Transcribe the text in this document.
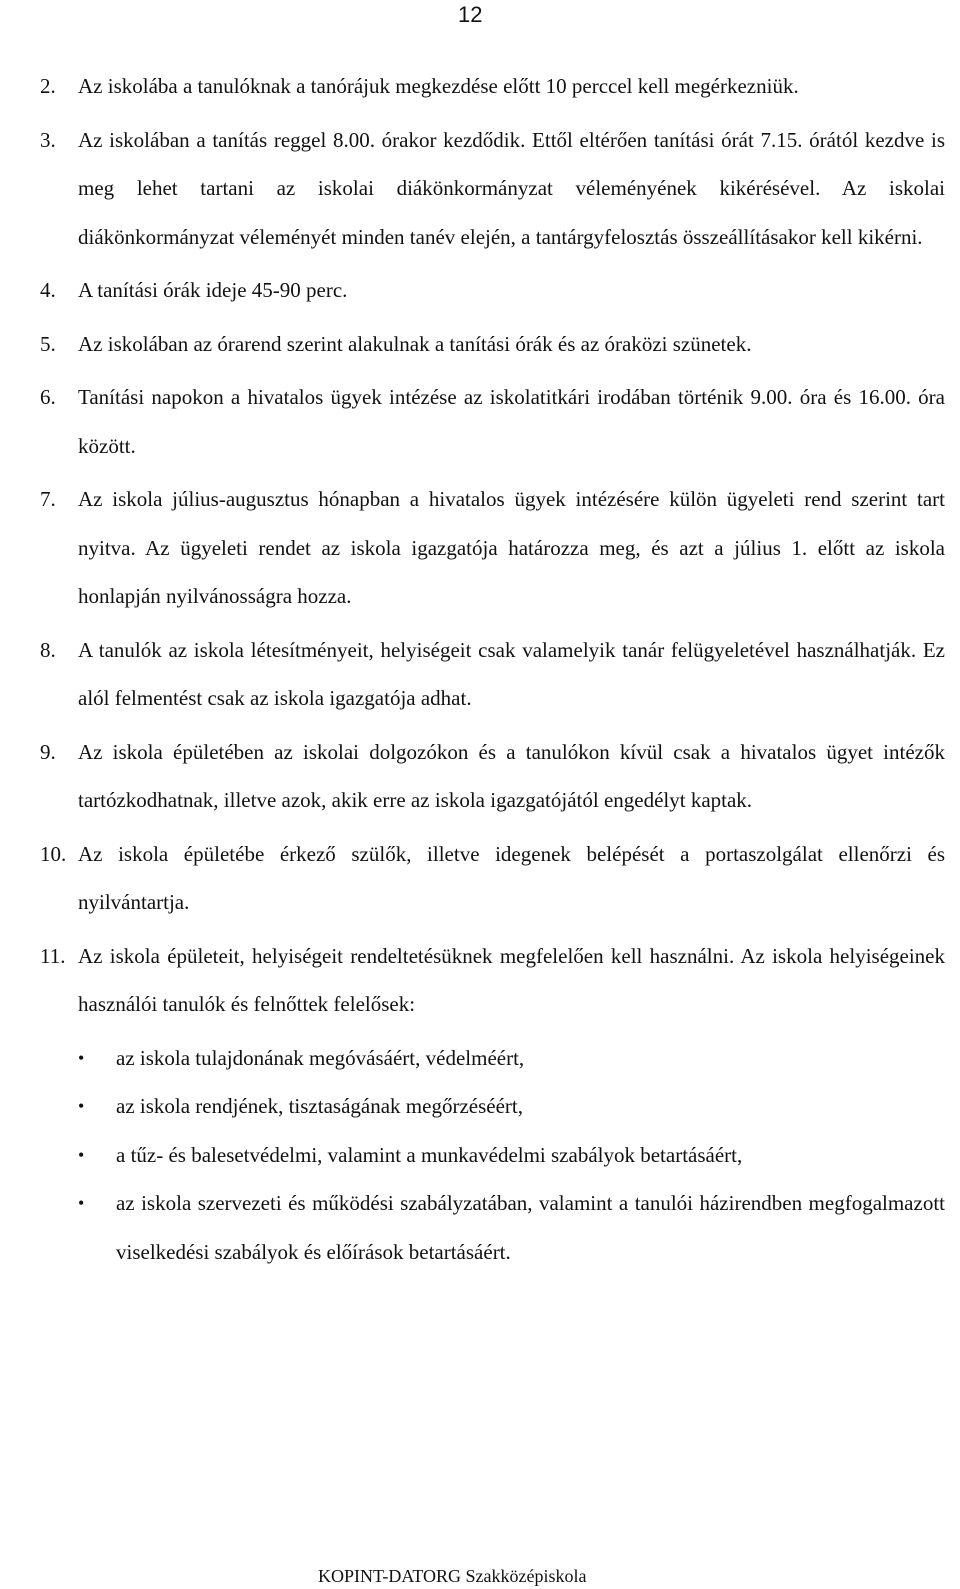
12
2.	Az iskolába a tanulóknak a tanórájuk megkezdése előtt 10 perccel kell megérkezniük.
3.	Az iskolában a tanítás reggel 8.00. órakor kezdődik. Ettől eltérően tanítási órát 7.15. órától kezdve is meg lehet tartani az iskolai diákönkormányzat véleményének kikérésével. Az iskolai diákönkormányzat véleményét minden tanév elején, a tantárgyfelosztás összeállításakor kell kikérni.
4.	A tanítási órák ideje 45-90 perc.
5.	Az iskolában az órarend szerint alakulnak a tanítási órák és az óraközi szünetek.
6.	Tanítási napokon a hivatalos ügyek intézése az iskolatitkári irodában történik 9.00. óra és 16.00. óra között.
7.	Az iskola július-augusztus hónapban a hivatalos ügyek intézésére külön ügyeleti rend szerint tart nyitva. Az ügyeleti rendet az iskola igazgatója határozza meg, és azt a július 1. előtt az iskola honlapján nyilvánosságra hozza.
8.	A tanulók az iskola létesítményeit, helyiségeit csak valamelyik tanár felügyeletével használhatják. Ez alól felmentést csak az iskola igazgatója adhat.
9.	Az iskola épületében az iskolai dolgozókon és a tanulókon kívül csak a hivatalos ügyet intézők tartózkodhatnak, illetve azok, akik erre az iskola igazgatójától engedélyt kaptak.
10. Az iskola épületébe érkező szülők, illetve idegenek belépését a portaszolgálat ellenőrzi és nyilvántartja.
11. Az iskola épületeit, helyiségeit rendeltetésüknek megfelelően kell használni. Az iskola helyiségeinek használói tanulók és felnőttek felelősek:
•	az iskola tulajdonának megóvásáért, védelméért,
•	az iskola rendjének, tisztaságának megőrzéséért,
•	a tűz- és balesetvédelmi, valamint a munkavédelmi szabályok betartásáért,
•	az iskola szervezeti és működési szabályzatában, valamint a tanulói házirendben megfogalmazott viselkedési szabályok és előírások betartásáért.
KOPINT-DATORG Szakközépiskola
